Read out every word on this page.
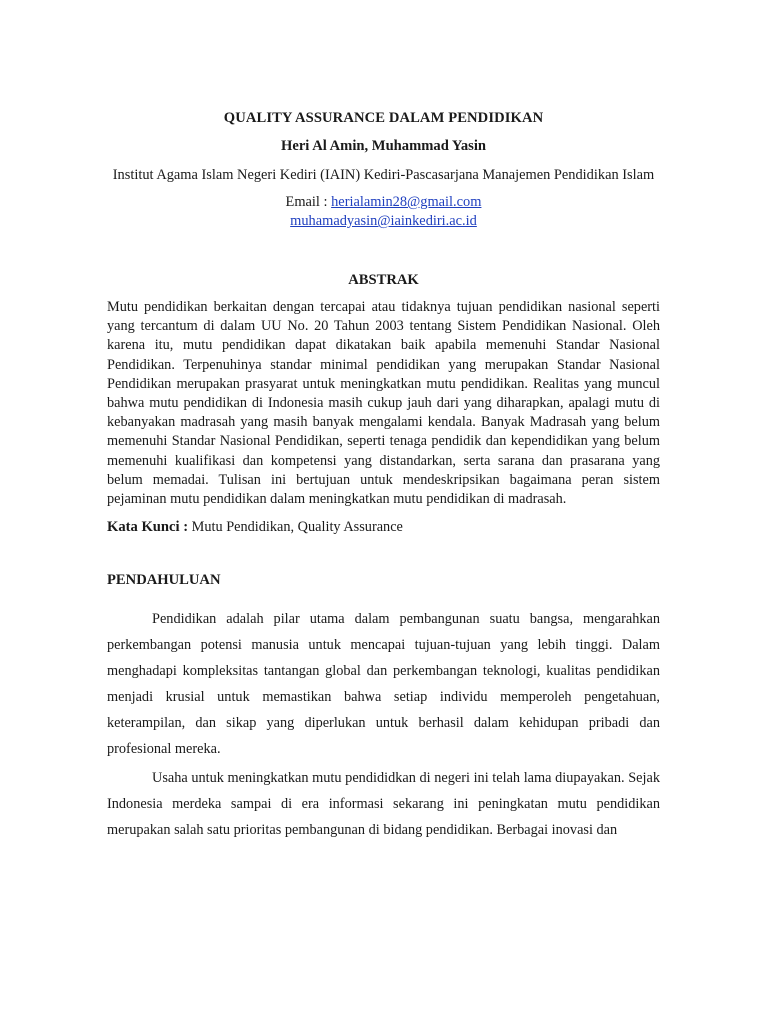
QUALITY ASSURANCE DALAM PENDIDIKAN

Heri Al Amin, Muhammad Yasin

Institut Agama Islam Negeri Kediri (IAIN) Kediri-Pascasarjana Manajemen Pendidikan Islam

Email : herialamin28@gmail.com
muhamadyasin@iainkediri.ac.id
ABSTRAK

Mutu pendidikan berkaitan dengan tercapai atau tidaknya tujuan pendidikan nasional seperti yang tercantum di dalam UU No. 20 Tahun 2003 tentang Sistem Pendidikan Nasional. Oleh karena itu, mutu pendidikan dapat dikatakan baik apabila memenuhi Standar Nasional Pendidikan. Terpenuhinya standar minimal pendidikan yang merupakan Standar Nasional Pendidikan merupakan prasyarat untuk meningkatkan mutu pendidikan. Realitas yang muncul bahwa mutu pendidikan di Indonesia masih cukup jauh dari yang diharapkan, apalagi mutu di kebanyakan madrasah yang masih banyak mengalami kendala. Banyak Madrasah yang belum memenuhi Standar Nasional Pendidikan, seperti tenaga pendidik dan kependidikan yang belum memenuhi kualifikasi dan kompetensi yang distandarkan, serta sarana dan prasarana yang belum memadai. Tulisan ini bertujuan untuk mendeskripsikan bagaimana peran sistem pejaminan mutu pendidikan dalam meningkatkan mutu pendidikan di madrasah.

Kata Kunci : Mutu Pendidikan, Quality Assurance

PENDAHULUAN

Pendidikan adalah pilar utama dalam pembangunan suatu bangsa, mengarahkan perkembangan potensi manusia untuk mencapai tujuan-tujuan yang lebih tinggi. Dalam menghadapi kompleksitas tantangan global dan perkembangan teknologi, kualitas pendidikan menjadi krusial untuk memastikan bahwa setiap individu memperoleh pengetahuan, keterampilan, dan sikap yang diperlukan untuk berhasil dalam kehidupan pribadi dan profesional mereka.

Usaha untuk meningkatkan mutu pendididkan di negeri ini telah lama diupayakan. Sejak Indonesia merdeka sampai di era informasi sekarang ini peningkatan mutu pendidikan merupakan salah satu prioritas pembangunan di bidang pendidikan. Berbagai inovasi dan
